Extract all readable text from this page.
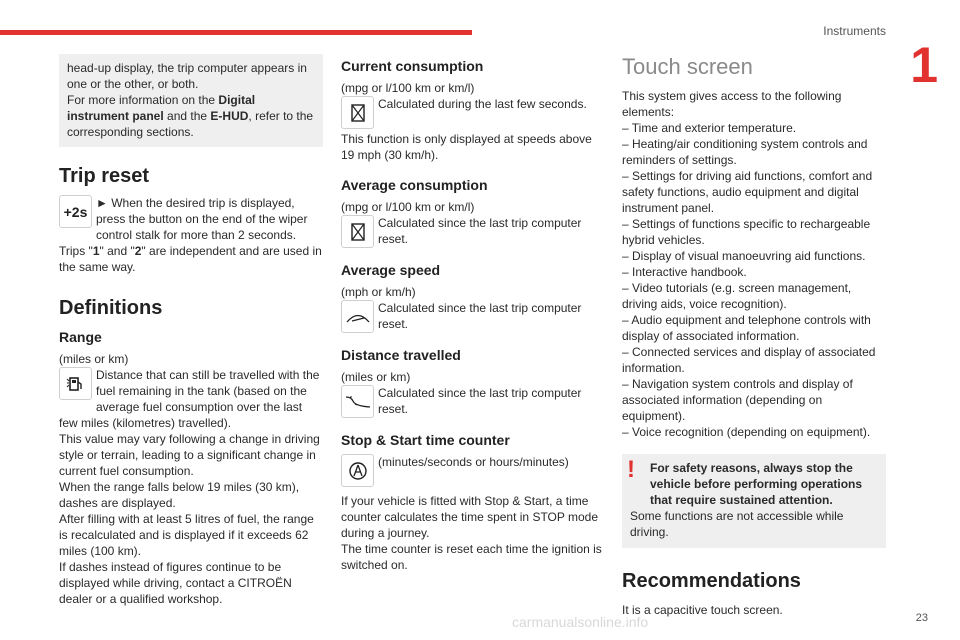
Instruments
1

head-up display, the trip computer appears in one or the other, or both.

For more information on the Digital instrument panel and the E-HUD, refer to the corresponding sections.

Trip reset
+2s

► When the desired trip is displayed, press the button on the end of the wiper control stalk for more than 2 seconds.

Trips "1" and "2" are independent and are used in the same way.

Definitions
Range

(miles or km)

Distance that can still be travelled with the fuel remaining in the tank (based on the average fuel consumption over the last few miles (kilometres) travelled).

This value may vary following a change in driving style or terrain, leading to a significant change in current fuel consumption.

When the range falls below 19 miles (30 km), dashes are displayed.

After filling with at least 5 litres of fuel, the range is recalculated and is displayed if it exceeds 62 miles (100 km).

If dashes instead of figures continue to be displayed while driving, contact a CITROËN dealer or a qualified workshop.

Current consumption

(mpg or l/100 km or km/l)

Calculated during the last few seconds.

This function is only displayed at speeds above 19 mph (30 km/h).

Average consumption

(mpg or l/100 km or km/l)

Calculated since the last trip computer reset.

Average speed

(mph or km/h)

Calculated since the last trip computer reset.

Distance travelled

(miles or km)

Calculated since the last trip computer reset.

Stop & Start time counter

(minutes/seconds or hours/minutes)

If your vehicle is fitted with Stop & Start, a time counter calculates the time spent in STOP mode during a journey.

The time counter is reset each time the ignition is switched on.

Touch screen

This system gives access to the following elements:

– Time and exterior temperature.

– Heating/air conditioning system controls and reminders of settings.

– Settings for driving aid functions, comfort and safety functions, audio equipment and digital instrument panel.

– Settings of functions specific to rechargeable hybrid vehicles.

– Display of visual manoeuvring aid functions.

– Interactive handbook.

– Video tutorials (e.g. screen management, driving aids, voice recognition).

– Audio equipment and telephone controls with display of associated information.

– Connected services and display of associated information.

– Navigation system controls and display of associated information (depending on equipment).

– Voice recognition (depending on equipment).

!	For safety reasons, always stop the vehicle before performing operations that require sustained attention.

Some functions are not accessible while driving.

Recommendations

It is a capacitive touch screen.

carmanualsonline.info	23
